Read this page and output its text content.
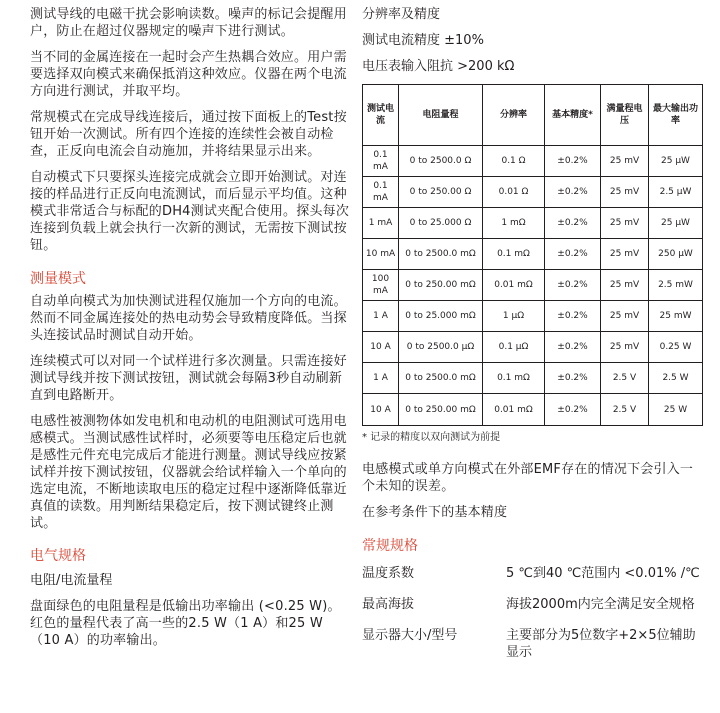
测试导线的电磁干扰会影响读数。噪声的标记会提醒用户，防止在超过仪器规定的噪声下进行测试。

当不同的金属连接在一起时会产生热耦合效应。用户需要选择双向模式来确保抵消这种效应。仪器在两个电流方向进行测试，并取平均。

常规模式在完成导线连接后，通过按下面板上的Test按钮开始一次测试。所有四个连接的连续性会被自动检查，正反向电流会自动施加，并将结果显示出来。

自动模式下只要探头连接完成就会立即开始测试。对连接的样品进行正反向电流测试，而后显示平均值。这种模式非常适合与标配的DH4测试夹配合使用。探头每次连接到负载上就会执行一次新的测试，无需按下测试按钮。

测量模式

自动单向模式为加快测试进程仅施加一个方向的电流。然而不同金属连接处的热电动势会导致精度降低。当探头连接试品时测试自动开始。

连续模式可以对同一个试样进行多次测量。只需连接好测试导线并按下测试按钮，测试就会每隔3秒自动刷新直到电路断开。

电感性被测物体如发电机和电动机的电阻测试可选用电感模式。当测试感性试样时，必须要等电压稳定后也就是感性元件充电完成后才能进行测量。测试导线应按紧试样并按下测试按钮，仪器就会给试样输入一个单向的选定电流，不断地读取电压的稳定过程中逐渐降低靠近真值的读数。用判断结果稳定后，按下测试键终止测试。

电气规格
电阻/电流量程

盘面绿色的电阻量程是低输出功率输出 (<0.25 W)。红色的量程代表了高一些的2.5 W（1 A）和25 W（10 A）的功率输出。

分辨率及精度
测试电流精度 ±10%
电压表输入阻抗 >200 kΩ
测试电流	电阻量程	分辨率	基本精度*	满量程电压	最大输出功率
0.1 mA	0 to 2500.0 Ω	0.1 Ω	±0.2%	25 mV	25 μW
0.1 mA	0 to 250.00 Ω	0.01 Ω	±0.2%	25 mV	2.5 μW
1 mA	0 to 25.000 Ω	1 mΩ	±0.2%	25 mV	25 μW
10 mA	0 to 2500.0 mΩ	0.1 mΩ	±0.2%	25 mV	250 μW
100 mA	0 to 250.00 mΩ	0.01 mΩ	±0.2%	25 mV	2.5 mW
1 A	0 to 25.000 mΩ	1 μΩ	±0.2%	25 mV	25 mW
10 A	0 to 2500.0 μΩ	0.1 μΩ	±0.2%	25 mV	0.25 W
1 A	0 to 2500.0 mΩ	0.1 mΩ	±0.2%	2.5 V	2.5 W
10 A	0 to 250.00 mΩ	0.01 mΩ	±0.2%	2.5 V	25 W
* 记录的精度以双向测试为前提

电感模式或单方向模式在外部EMF存在的情况下会引入一个未知的误差。

在参考条件下的基本精度

常规规格
温度系数	5 ℃到40 ℃范围内 <0.01% /℃
最高海拔	海拔2000m内完全满足安全规格
显示器大小/型号	主要部分为5位数字+2×5位辅助显示
